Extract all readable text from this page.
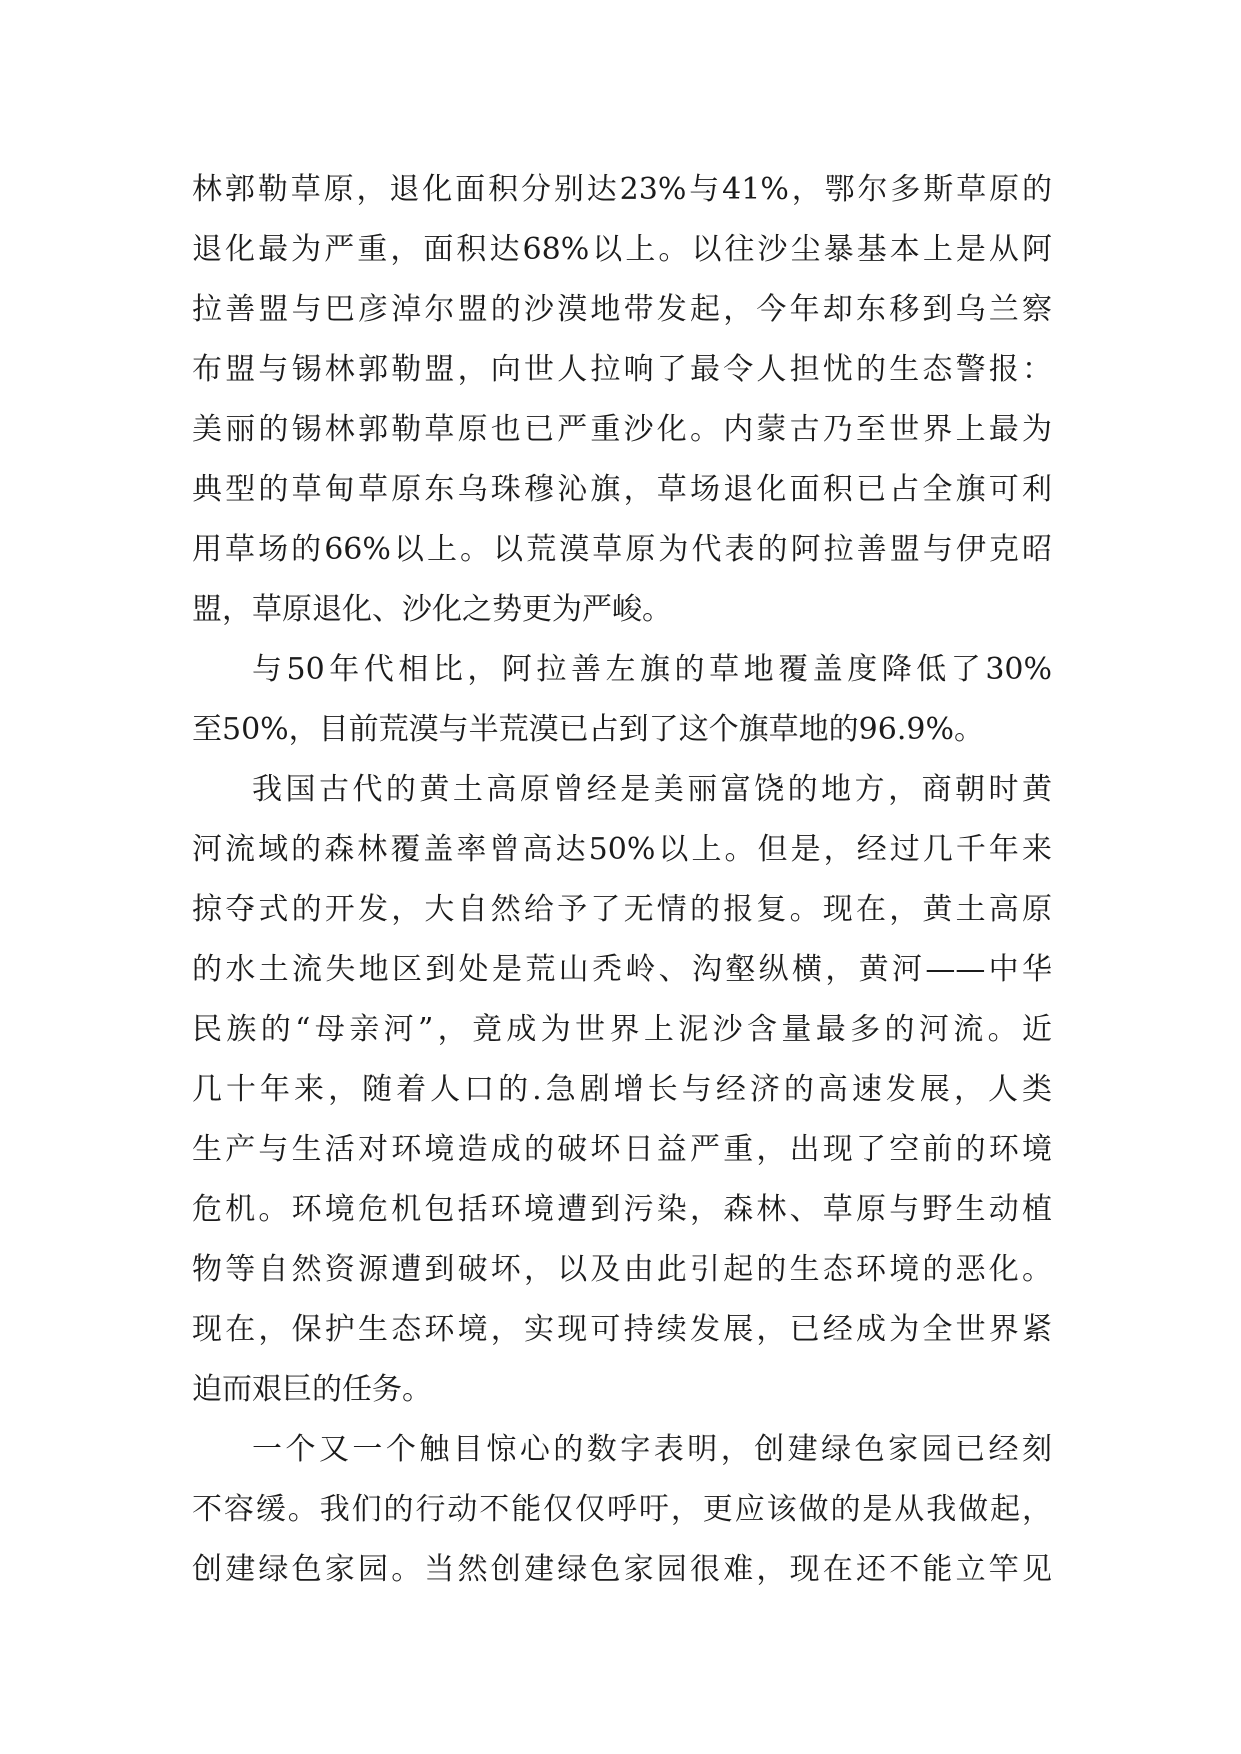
林郭勒草原，退化面积分别达23%与41%，鄂尔多斯草原的
退化最为严重，面积达68%以上。以往沙尘暴基本上是从阿
拉善盟与巴彦淖尔盟的沙漠地带发起，今年却东移到乌兰察
布盟与锡林郭勒盟，向世人拉响了最令人担忧的生态警报：
美丽的锡林郭勒草原也已严重沙化。内蒙古乃至世界上最为
典型的草甸草原东乌珠穆沁旗，草场退化面积已占全旗可利
用草场的66%以上。以荒漠草原为代表的阿拉善盟与伊克昭
盟，草原退化、沙化之势更为严峻。
与50年代相比，阿拉善左旗的草地覆盖度降低了30%
至50%，目前荒漠与半荒漠已占到了这个旗草地的96.9%。
我国古代的黄土高原曾经是美丽富饶的地方，商朝时黄
河流域的森林覆盖率曾高达50%以上。但是，经过几千年来
掠夺式的开发，大自然给予了无情的报复。现在，黄土高原
的水土流失地区到处是荒山秃岭、沟壑纵横，黄河——中华
民族的“母亲河”，竟成为世界上泥沙含量最多的河流。近
几十年来，随着人口的.急剧增长与经济的高速发展，人类
生产与生活对环境造成的破坏日益严重，出现了空前的环境
危机。环境危机包括环境遭到污染，森林、草原与野生动植
物等自然资源遭到破坏，以及由此引起的生态环境的恶化。
现在，保护生态环境，实现可持续发展，已经成为全世界紧
迫而艰巨的任务。
一个又一个触目惊心的数字表明，创建绿色家园已经刻
不容缓。我们的行动不能仅仅呼吁，更应该做的是从我做起，
创建绿色家园。当然创建绿色家园很难，现在还不能立竿见
